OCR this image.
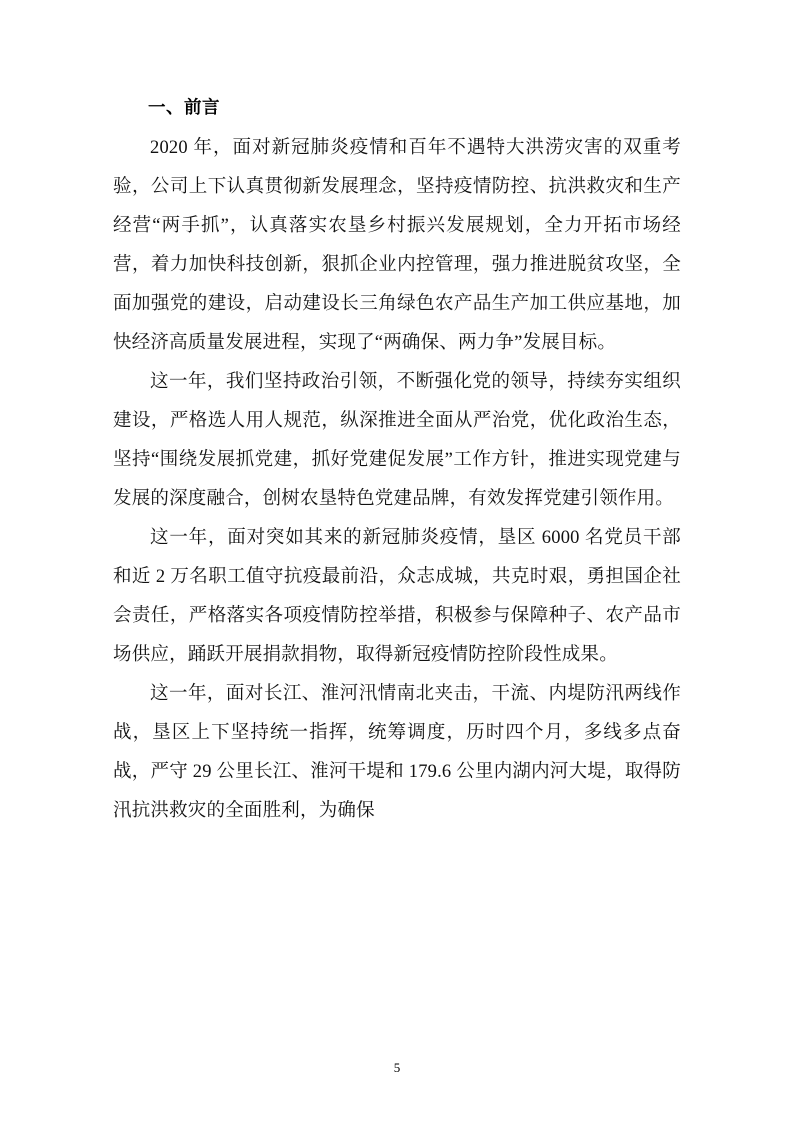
一、前言

2020 年，面对新冠肺炎疫情和百年不遇特大洪涝灾害的双重考验，公司上下认真贯彻新发展理念，坚持疫情防控、抗洪救灾和生产经营“两手抓”，认真落实农垦乡村振兴发展规划，全力开拓市场经营，着力加快科技创新，狠抓企业内控管理，强力推进脱贫攻坚，全面加强党的建设，启动建设长三角绿色农产品生产加工供应基地，加快经济高质量发展进程，实现了“两确保、两力争”发展目标。

这一年，我们坚持政治引领，不断强化党的领导，持续夯实组织建设，严格选人用人规范，纵深推进全面从严治党，优化政治生态，坚持“围绕发展抓党建，抓好党建促发展”工作方针，推进实现党建与发展的深度融合，创树农垦特色党建品牌，有效发挥党建引领作用。

这一年，面对突如其来的新冠肺炎疫情，垦区 6000 名党员干部和近 2 万名职工值守抗疫最前沿，众志成城，共克时艰，勇担国企社会责任，严格落实各项疫情防控举措，积极参与保障种子、农产品市场供应，踊跃开展捐款捐物，取得新冠疫情防控阶段性成果。

这一年，面对长江、淮河汛情南北夹击，干流、内堤防汛两线作战，垦区上下坚持统一指挥，统筹调度，历时四个月，多线多点奋战，严守 29 公里长江、淮河干堤和 179.6 公里内湖内河大堤，取得防汛抗洪救灾的全面胜利，为确保

5
